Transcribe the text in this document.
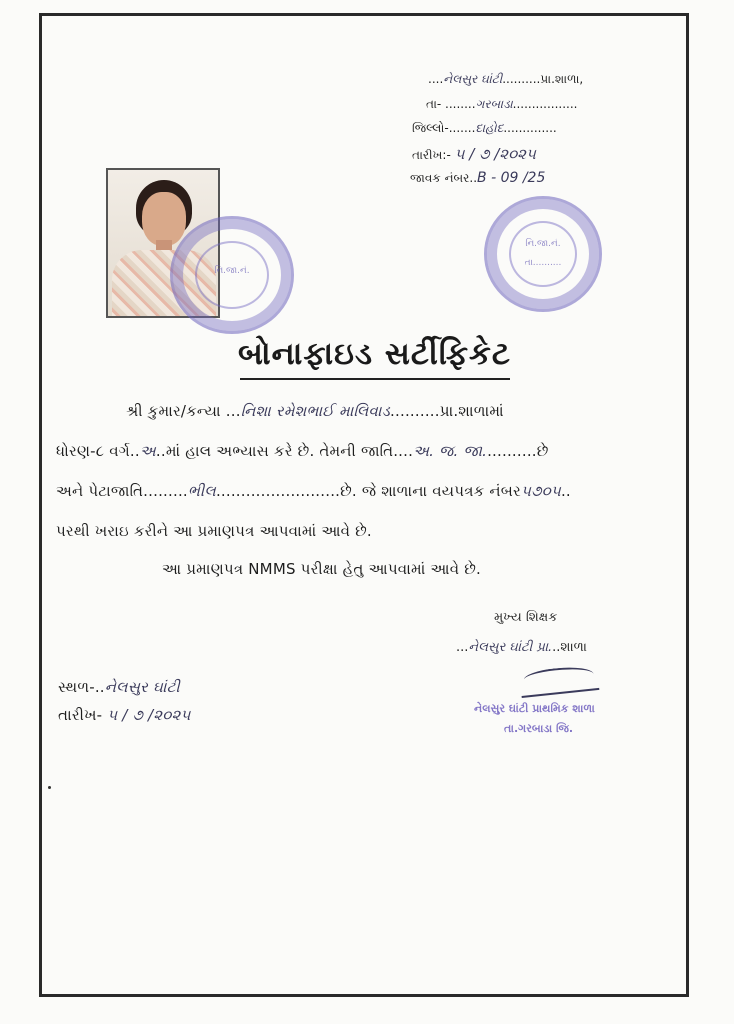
....નેલસુર ઘાંટી..........પ્રા.શાળા,
તા- ........ગરબાડા.................
જિલ્લો-.......દાહોદ..............
તારીખ:- ૫ / ૭ /૨૦૨૫
જાવક નંબર..B - 09 /25
નિ.જા.નં.
નિ.જા.નં.
તા..........
બોનાફાઇડ સર્ટીફિકેટ
શ્રી કુમાર/કન્યા ...નિશા રમેશભાઈ માલિવાડ..........પ્રા.શાળામાં
ધોરણ-૮ વર્ગ..અ..માં હાલ અભ્યાસ કરે છે. તેમની જાતિ....અ. જ. જા...........છે
અને પેટાજાતિ.........ભીલ.........................છે. જે શાળાના વયપત્રક નંબર૫૭૦૫..
પરથી ખરાઇ કરીને આ પ્રમાણપત્ર આપવામાં આવે છે.
આ પ્રમાણપત્ર NMMS પરીક્ષા હેતુ આપવામાં આવે છે.
મુખ્ય શિક્ષક
...નેલસુર ઘાંટી પ્રા...શાળા
નેલસુર ઘાંટી પ્રાથમિક શાળા
તા.ગરબાડા જિ.
સ્થળ-..નેલસુર ઘાંટી
તારીખ- ૫ / ૭ /૨૦૨૫
